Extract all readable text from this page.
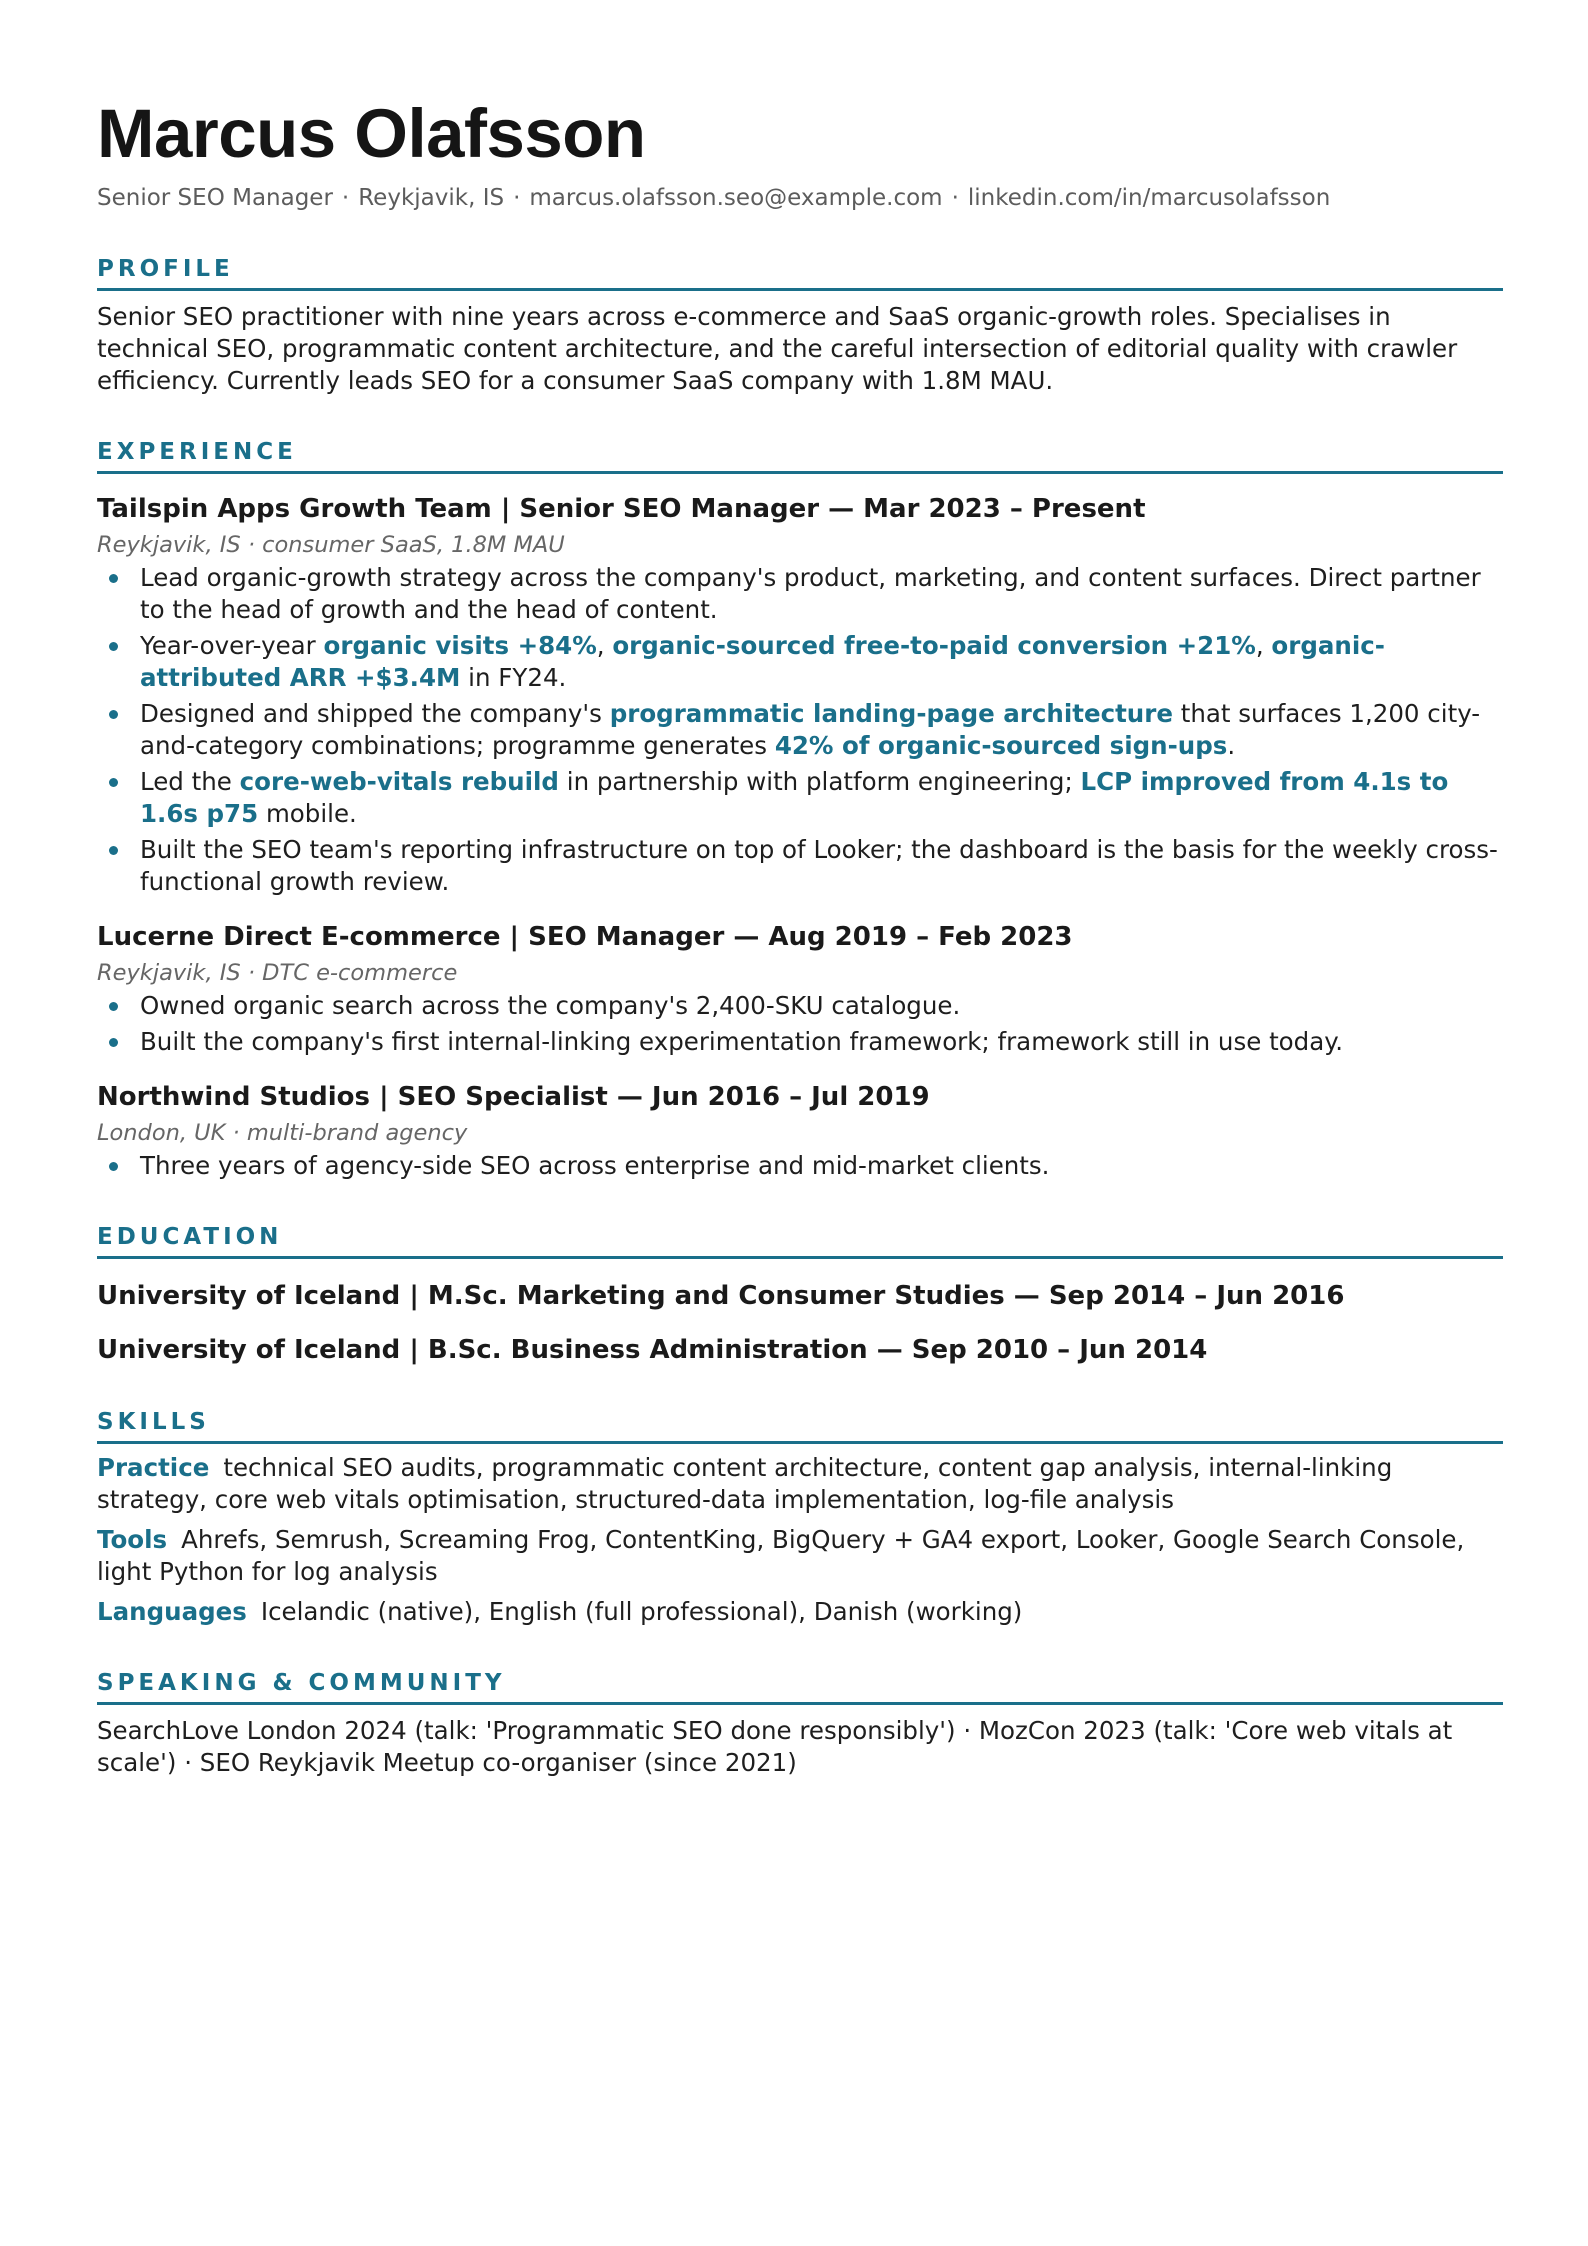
Marcus Olafsson
Senior SEO Manager · Reykjavik, IS · marcus.olafsson.seo@example.com · linkedin.com/in/marcusolafsson
PROFILE
Senior SEO practitioner with nine years across e-commerce and SaaS organic-growth roles. Specialises in technical SEO, programmatic content architecture, and the careful intersection of editorial quality with crawler efficiency. Currently leads SEO for a consumer SaaS company with 1.8M MAU.
EXPERIENCE
Tailspin Apps Growth Team | Senior SEO Manager — Mar 2023 – Present
Reykjavik, IS · consumer SaaS, 1.8M MAU
Lead organic-growth strategy across the company's product, marketing, and content surfaces. Direct partner to the head of growth and the head of content.
Year-over-year organic visits +84%, organic-sourced free-to-paid conversion +21%, organic-attributed ARR +$3.4M in FY24.
Designed and shipped the company's programmatic landing-page architecture that surfaces 1,200 city-and-category combinations; programme generates 42% of organic-sourced sign-ups.
Led the core-web-vitals rebuild in partnership with platform engineering; LCP improved from 4.1s to 1.6s p75 mobile.
Built the SEO team's reporting infrastructure on top of Looker; the dashboard is the basis for the weekly cross-functional growth review.
Lucerne Direct E-commerce | SEO Manager — Aug 2019 – Feb 2023
Reykjavik, IS · DTC e-commerce
Owned organic search across the company's 2,400-SKU catalogue.
Built the company's first internal-linking experimentation framework; framework still in use today.
Northwind Studios | SEO Specialist — Jun 2016 – Jul 2019
London, UK · multi-brand agency
Three years of agency-side SEO across enterprise and mid-market clients.
EDUCATION
University of Iceland | M.Sc. Marketing and Consumer Studies — Sep 2014 – Jun 2016
University of Iceland | B.Sc. Business Administration — Sep 2010 – Jun 2014
SKILLS
Practice technical SEO audits, programmatic content architecture, content gap analysis, internal-linking strategy, core web vitals optimisation, structured-data implementation, log-file analysis
Tools Ahrefs, Semrush, Screaming Frog, ContentKing, BigQuery + GA4 export, Looker, Google Search Console, light Python for log analysis
Languages Icelandic (native), English (full professional), Danish (working)
SPEAKING & COMMUNITY
SearchLove London 2024 (talk: 'Programmatic SEO done responsibly') · MozCon 2023 (talk: 'Core web vitals at scale') · SEO Reykjavik Meetup co-organiser (since 2021)
